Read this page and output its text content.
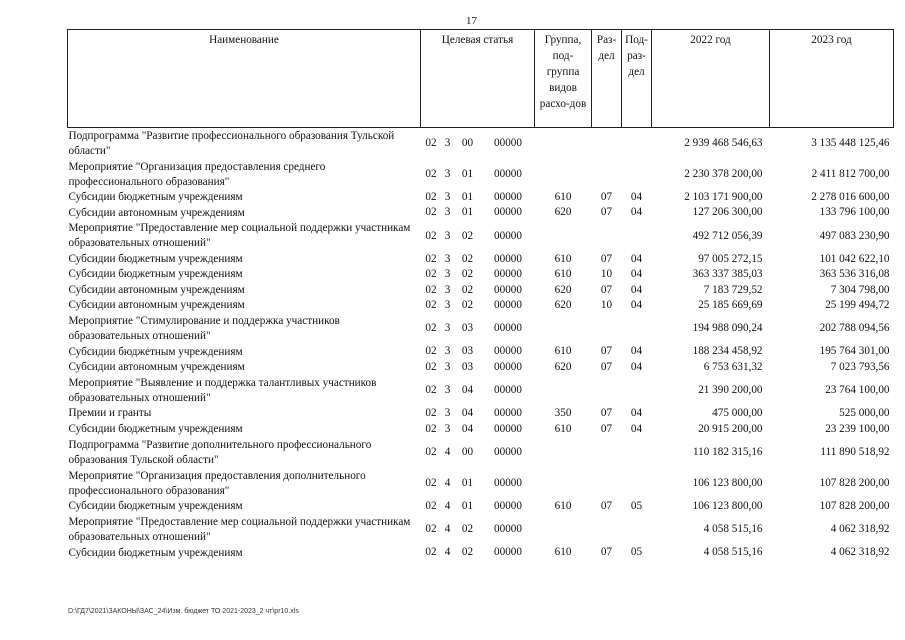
17
Наименование	Целевая статья				Группа, под-группа видов расхо-дов	Раз-дел	Под-раз-дел	2022 год	2023 год
Подпрограмма "Развитие профессионального образования Тульской области"	02	3	00	00000				2 939 468 546,63	3 135 448 125,46
Мероприятие "Организация предоставления среднего профессионального образования"	02	3	01	00000				2 230 378 200,00	2 411 812 700,00
Субсидии бюджетным учреждениям	02	3	01	00000	610	07	04	2 103 171 900,00	2 278 016 600,00
Субсидии автономным учреждениям	02	3	01	00000	620	07	04	127 206 300,00	133 796 100,00
Мероприятие "Предоставление мер социальной поддержки участникам образовательных отношений"	02	3	02	00000				492 712 056,39	497 083 230,90
Субсидии бюджетным учреждениям	02	3	02	00000	610	07	04	97 005 272,15	101 042 622,10
Субсидии бюджетным учреждениям	02	3	02	00000	610	10	04	363 337 385,03	363 536 316,08
Субсидии автономным учреждениям	02	3	02	00000	620	07	04	7 183 729,52	7 304 798,00
Субсидии автономным учреждениям	02	3	02	00000	620	10	04	25 185 669,69	25 199 494,72
Мероприятие "Стимулирование и поддержка участников образовательных отношений"	02	3	03	00000				194 988 090,24	202 788 094,56
Субсидии бюджетным учреждениям	02	3	03	00000	610	07	04	188 234 458,92	195 764 301,00
Субсидии автономным учреждениям	02	3	03	00000	620	07	04	6 753 631,32	7 023 793,56
Мероприятие "Выявление и поддержка талантливых участников образовательных отношений"	02	3	04	00000				21 390 200,00	23 764 100,00
Премии и гранты	02	3	04	00000	350	07	04	475 000,00	525 000,00
Субсидии бюджетным учреждениям	02	3	04	00000	610	07	04	20 915 200,00	23 239 100,00
Подпрограмма "Развитие дополнительного профессионального образования Тульской области"	02	4	00	00000				110 182 315,16	111 890 518,92
Мероприятие "Организация предоставления дополнительного профессионального образования"	02	4	01	00000				106 123 800,00	107 828 200,00
Субсидии бюджетным учреждениям	02	4	01	00000	610	07	05	106 123 800,00	107 828 200,00
Мероприятие "Предоставление мер социальной поддержки участникам образовательных отношений"	02	4	02	00000				4 058 515,16	4 062 318,92
Субсидии бюджетным учреждениям	02	4	02	00000	610	07	05	4 058 515,16	4 062 318,92
D:\ГД7\2021\ЗАКОНЫ\ЗАС_24\Изм. бюджет ТО 2021-2023_2 чт\pr10.xls
